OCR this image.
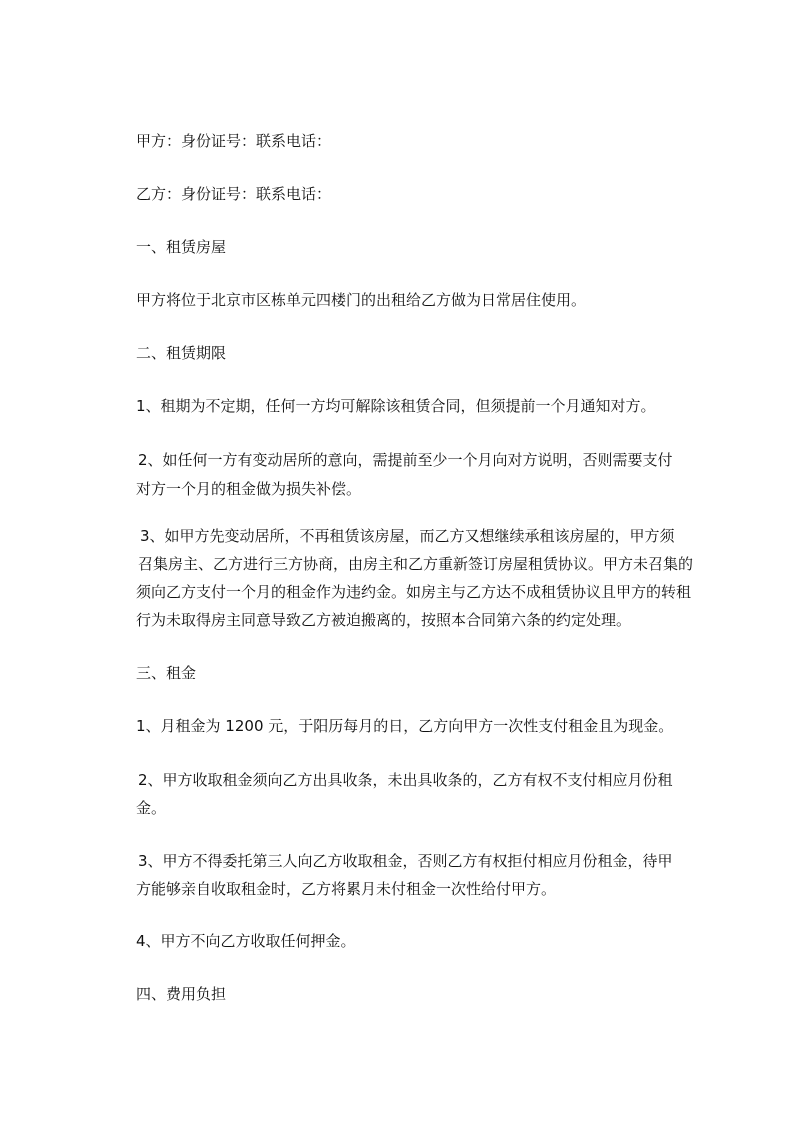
甲方：身份证号：联系电话：

乙方：身份证号：联系电话：

一、租赁房屋

甲方将位于北京市区栋单元四楼门的出租给乙方做为日常居住使用。

二、租赁期限

1、租期为不定期，任何一方均可解除该租赁合同，但须提前一个月通知对方。

2、如任何一方有变动居所的意向，需提前至少一个月向对方说明，否则需要支付

对方一个月的租金做为损失补偿。

3、如甲方先变动居所，不再租赁该房屋，而乙方又想继续承租该房屋的，甲方须

召集房主、乙方进行三方协商，由房主和乙方重新签订房屋租赁协议。甲方未召集的

须向乙方支付一个月的租金作为违约金。如房主与乙方达不成租赁协议且甲方的转租

行为未取得房主同意导致乙方被迫搬离的，按照本合同第六条的约定处理。

三、租金

1、月租金为 1200 元，于阳历每月的日，乙方向甲方一次性支付租金且为现金。

2、甲方收取租金须向乙方出具收条，未出具收条的，乙方有权不支付相应月份租

金。

3、甲方不得委托第三人向乙方收取租金，否则乙方有权拒付相应月份租金，待甲

方能够亲自收取租金时，乙方将累月未付租金一次性给付甲方。

4、甲方不向乙方收取任何押金。

四、费用负担
